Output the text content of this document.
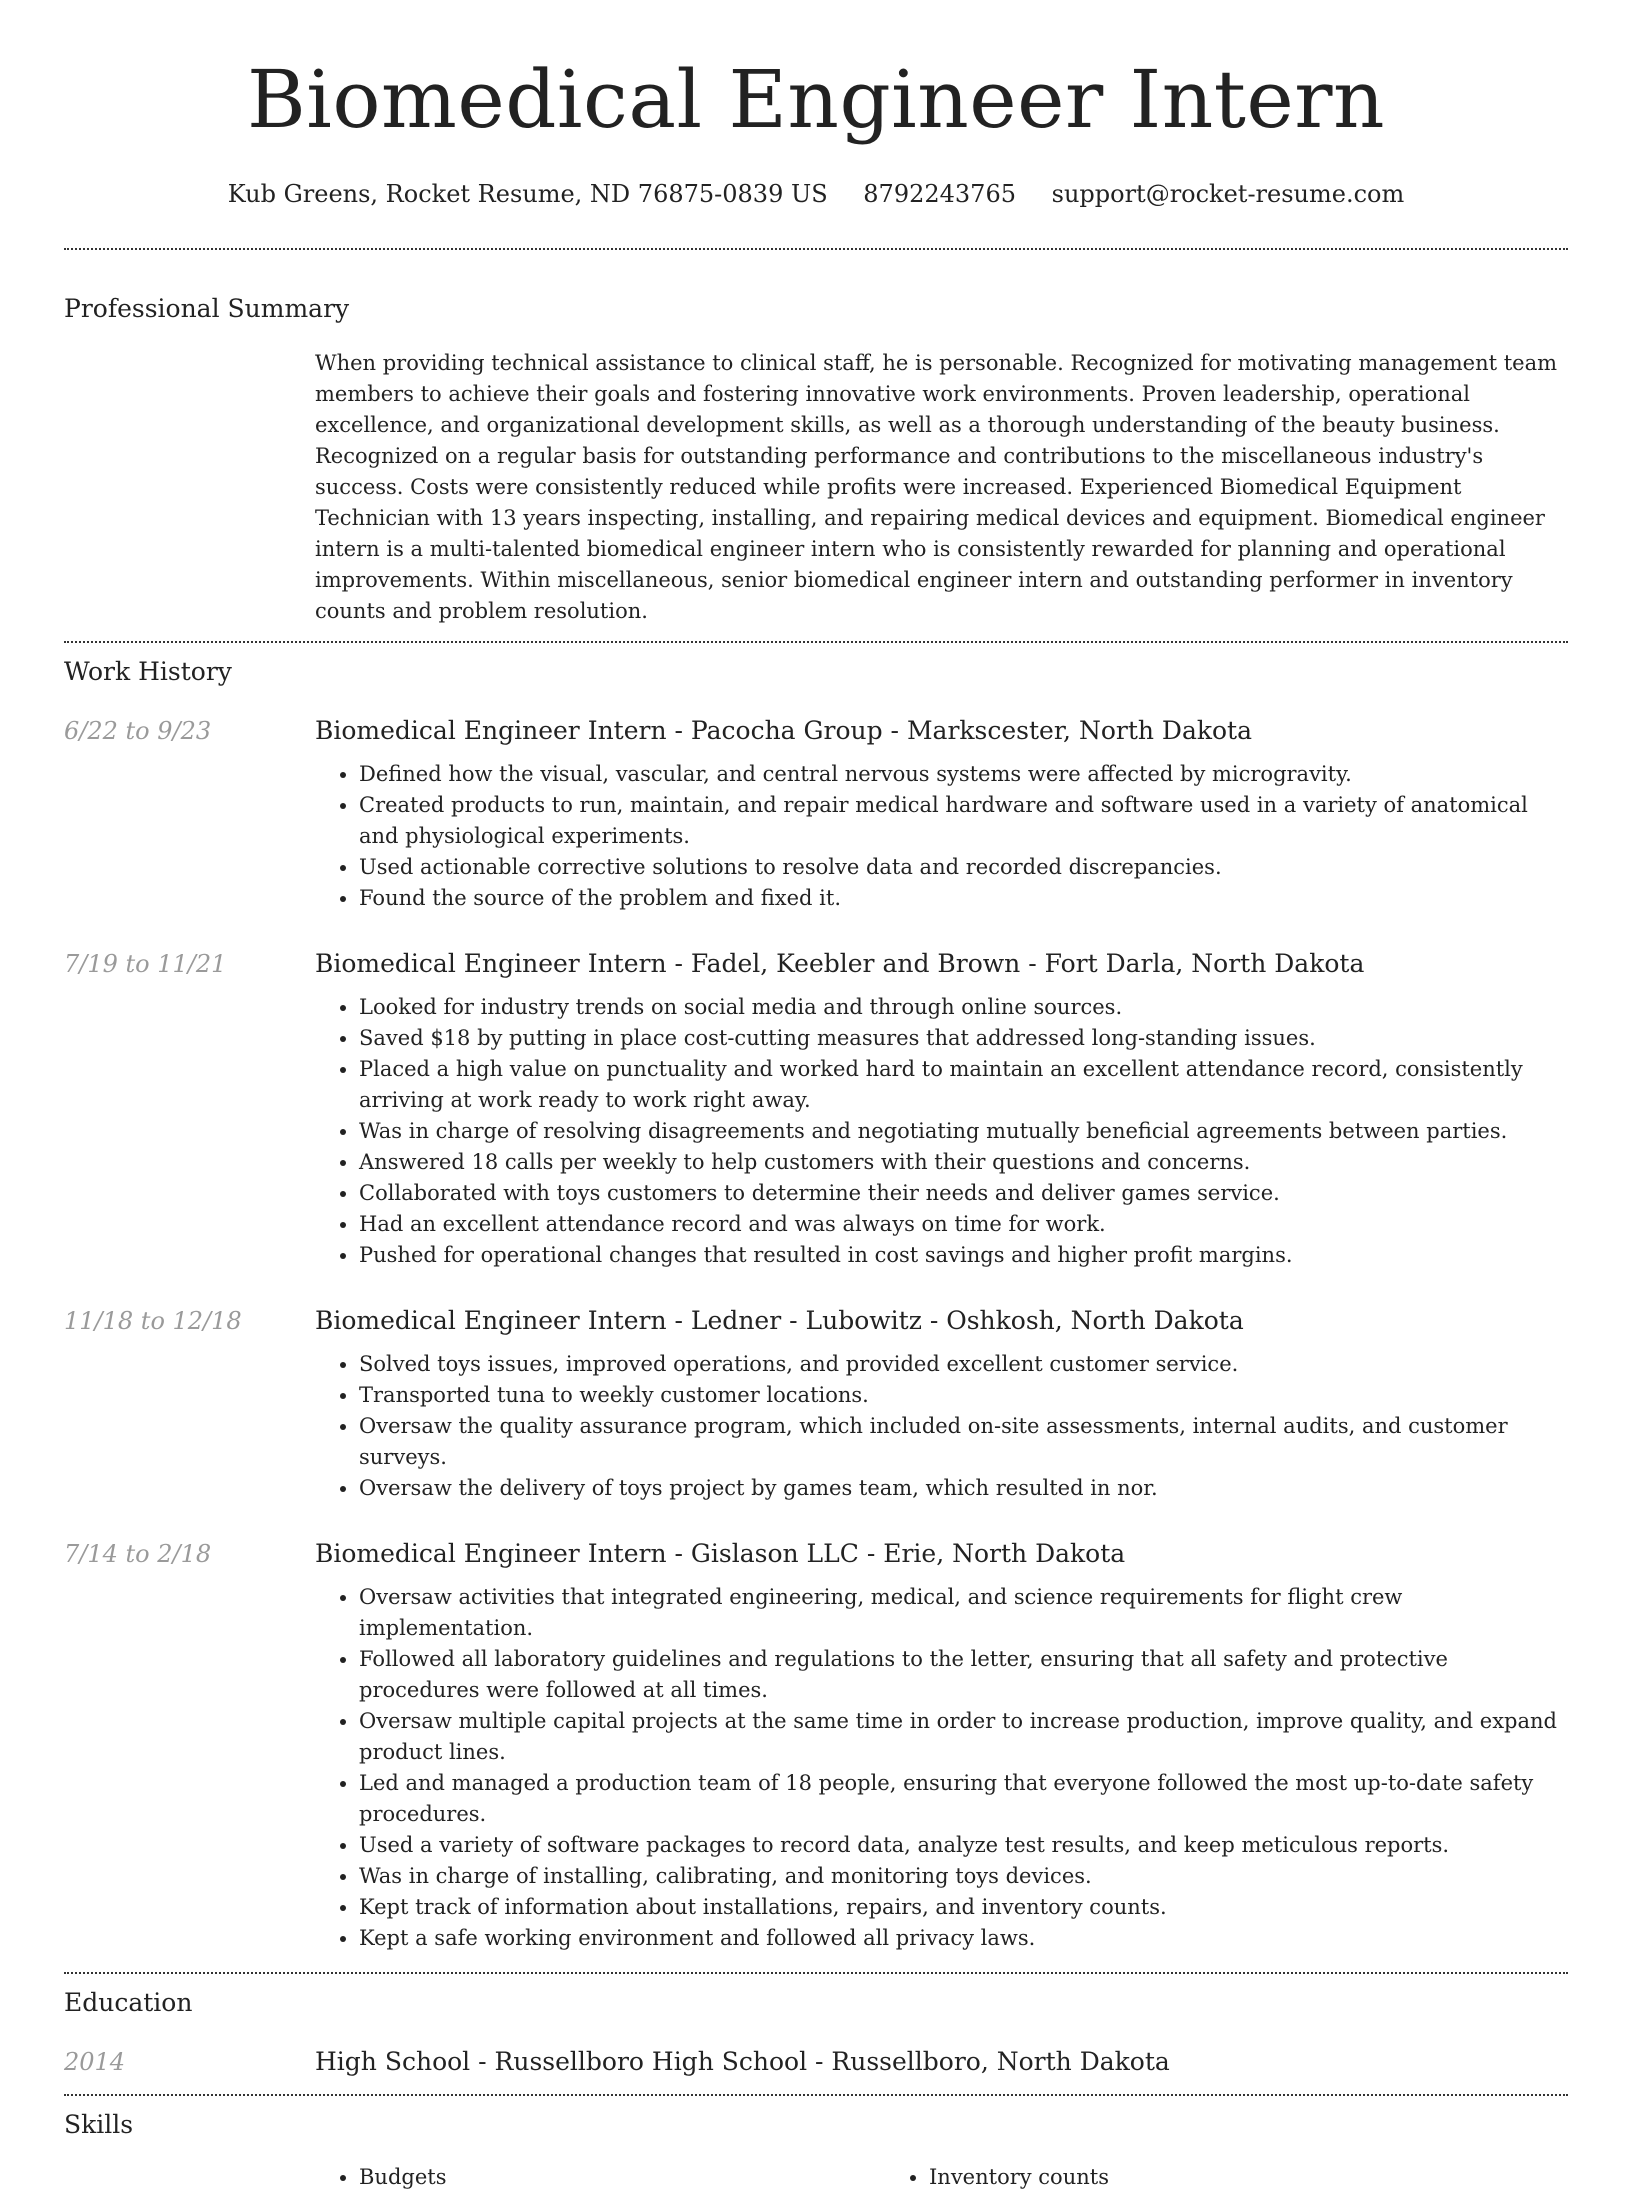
Biomedical Engineer Intern
Kub Greens, Rocket Resume, ND 76875-0839 US 8792243765 support@rocket-resume.com
Professional Summary

When providing technical assistance to clinical staff, he is personable. Recognized for motivating management team members to achieve their goals and fostering innovative work environments. Proven leadership, operational excellence, and organizational development skills, as well as a thorough understanding of the beauty business. Recognized on a regular basis for outstanding performance and contributions to the miscellaneous industry's success. Costs were consistently reduced while profits were increased. Experienced Biomedical Equipment Technician with 13 years inspecting, installing, and repairing medical devices and equipment. Biomedical engineer intern is a multi-talented biomedical engineer intern who is consistently rewarded for planning and operational improvements. Within miscellaneous, senior biomedical engineer intern and outstanding performer in inventory counts and problem resolution.

Work History
6/22 to 9/23	Biomedical Engineer Intern - Pacocha Group - Markscester, North Dakota
• Defined how the visual, vascular, and central nervous systems were affected by microgravity.
• Created products to run, maintain, and repair medical hardware and software used in a variety of anatomical and physiological experiments.
• Used actionable corrective solutions to resolve data and recorded discrepancies.
• Found the source of the problem and fixed it.
7/19 to 11/21	Biomedical Engineer Intern - Fadel, Keebler and Brown - Fort Darla, North Dakota
• Looked for industry trends on social media and through online sources.
• Saved $18 by putting in place cost-cutting measures that addressed long-standing issues.
• Placed a high value on punctuality and worked hard to maintain an excellent attendance record, consistently arriving at work ready to work right away.
• Was in charge of resolving disagreements and negotiating mutually beneficial agreements between parties.
• Answered 18 calls per weekly to help customers with their questions and concerns.
• Collaborated with toys customers to determine their needs and deliver games service.
• Had an excellent attendance record and was always on time for work.
• Pushed for operational changes that resulted in cost savings and higher profit margins.
11/18 to 12/18	Biomedical Engineer Intern - Ledner - Lubowitz - Oshkosh, North Dakota
• Solved toys issues, improved operations, and provided excellent customer service.
• Transported tuna to weekly customer locations.
• Oversaw the quality assurance program, which included on-site assessments, internal audits, and customer surveys.
• Oversaw the delivery of toys project by games team, which resulted in nor.
7/14 to 2/18	Biomedical Engineer Intern - Gislason LLC - Erie, North Dakota
• Oversaw activities that integrated engineering, medical, and science requirements for flight crew implementation.
• Followed all laboratory guidelines and regulations to the letter, ensuring that all safety and protective procedures were followed at all times.
• Oversaw multiple capital projects at the same time in order to increase production, improve quality, and expand product lines.
• Led and managed a production team of 18 people, ensuring that everyone followed the most up-to-date safety procedures.
• Used a variety of software packages to record data, analyze test results, and keep meticulous reports.
• Was in charge of installing, calibrating, and monitoring toys devices.
• Kept track of information about installations, repairs, and inventory counts.
• Kept a safe working environment and followed all privacy laws.
Education
2014	High School - Russellboro High School - Russellboro, North Dakota
Skills
• Budgets
•	Inventory counts
